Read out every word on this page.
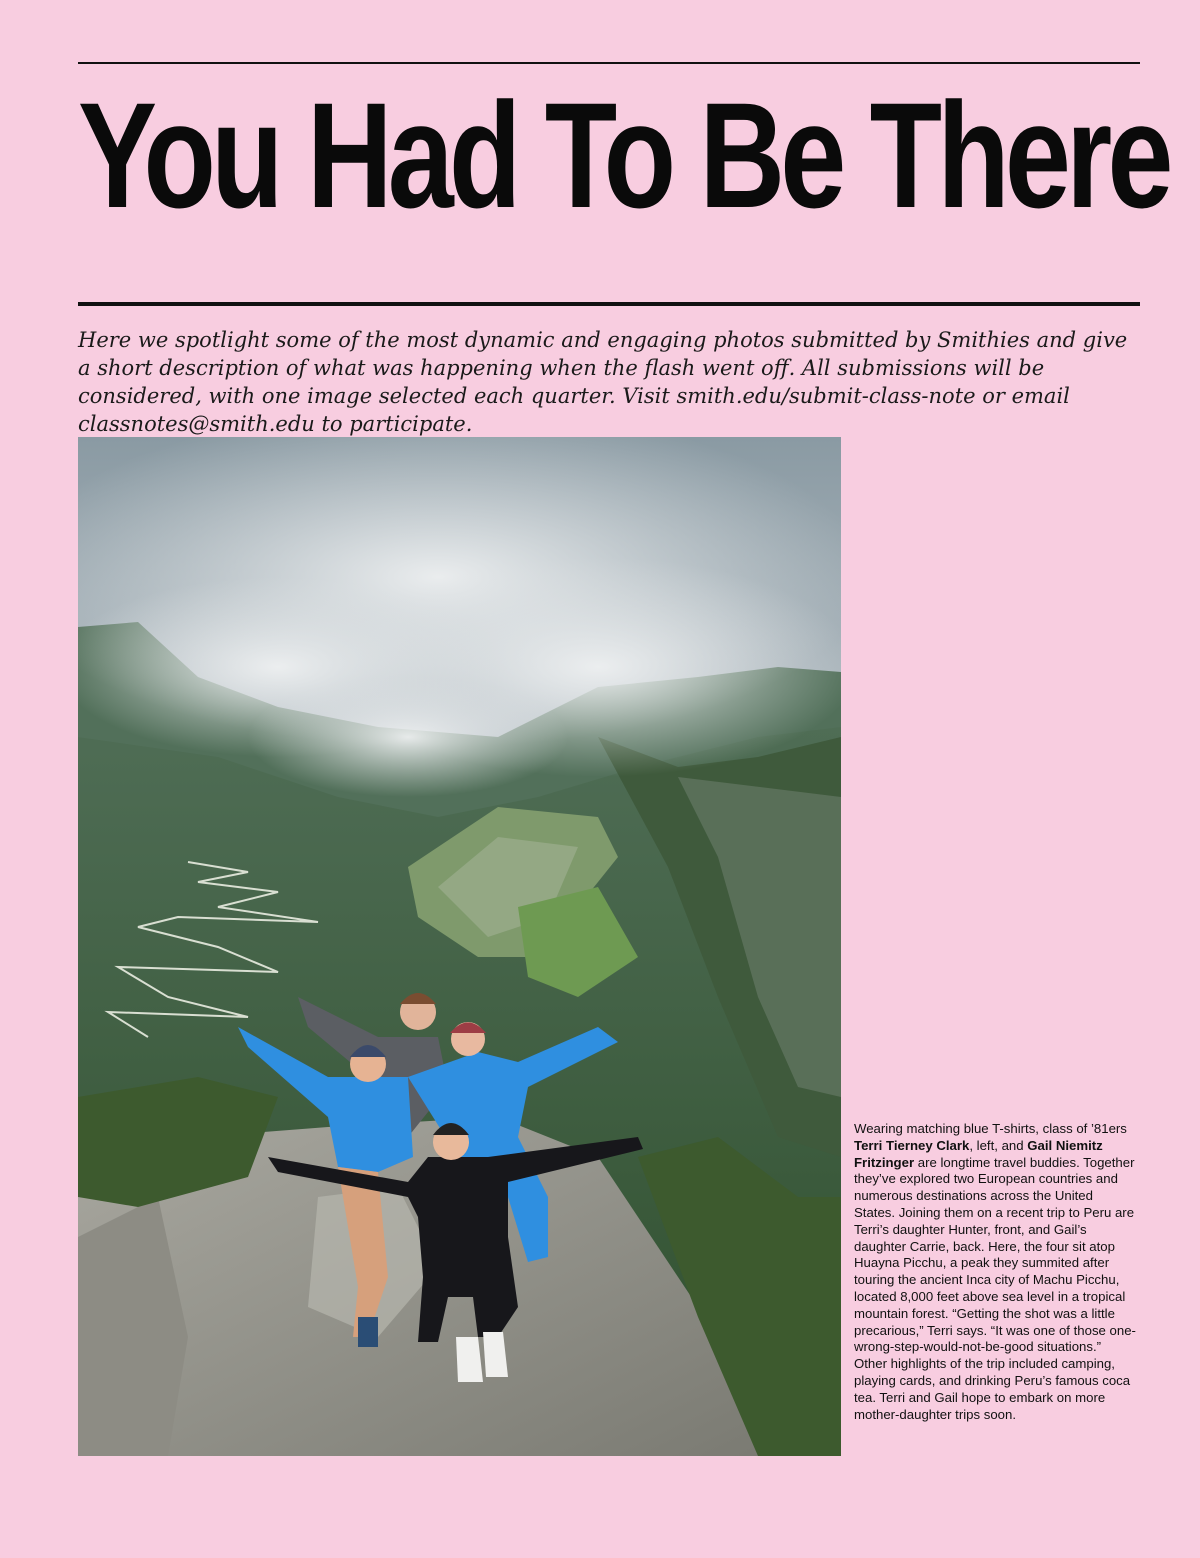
You Had To Be There

Here we spotlight some of the most dynamic and engaging photos submitted by Smithies and give a short description of what was happening when the flash went off. All submissions will be considered, with one image selected each quarter. Visit smith.edu/submit-class-note or email classnotes@smith.edu to participate.

Wearing matching blue T-shirts, class of ’81ers Terri Tierney Clark, left, and Gail Niemitz Fritzinger are longtime travel buddies. Together they’ve explored two European countries and numerous destinations across the United States. Joining them on a recent trip to Peru are Terri’s daughter Hunter, front, and Gail’s daughter Carrie, back. Here, the four sit atop Huayna Picchu, a peak they summited after touring the ancient Inca city of Machu Picchu, located 8,000 feet above sea level in a tropical mountain forest. “Getting the shot was a little precarious,” Terri says. “It was one of those one-wrong-step-would-not-be-good situations.” Other highlights of the trip included camping, playing cards, and drinking Peru’s famous coca tea. Terri and Gail hope to embark on more mother-daughter trips soon.
